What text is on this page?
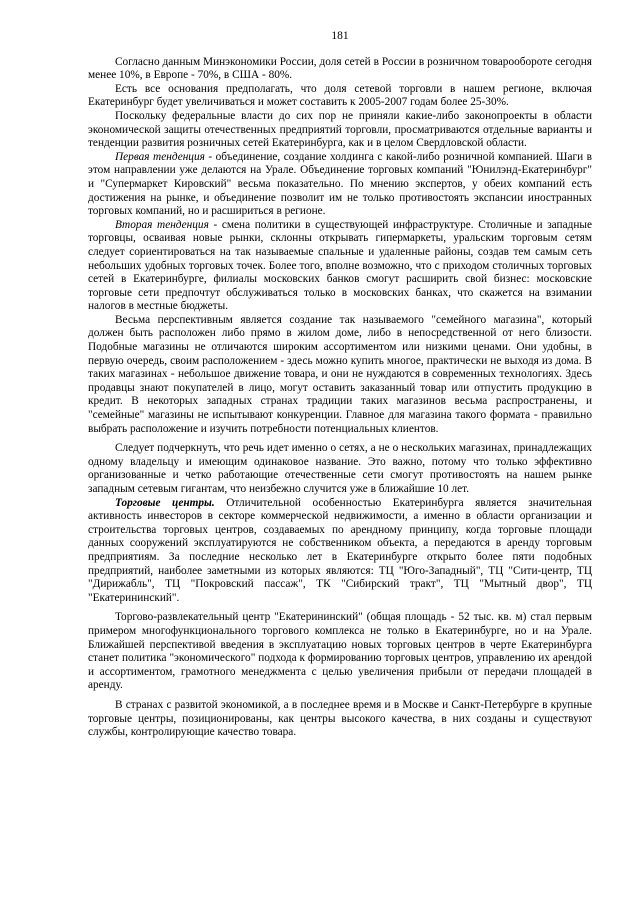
181

Согласно данным Минэкономики России, доля сетей в России в розничном товарообороте сегодня менее 10%, в Европе - 70%, в США - 80%.

Есть все основания предполагать, что доля сетевой торговли в нашем регионе, включая Екатеринбург будет увеличиваться и может составить к 2005-2007 годам более 25-30%.

Поскольку федеральные власти до сих пор не приняли какие-либо законопроекты в области экономической защиты отечественных предприятий торговли, просматриваются отдельные варианты и тенденции развития розничных сетей Екатеринбурга, как и в целом Свердловской области.

Первая тенденция - объединение, создание холдинга с какой-либо розничной компанией. Шаги в этом направлении уже делаются на Урале. Объединение торговых компаний "Юнилэнд-Екатеринбург" и "Супермаркет Кировский" весьма показательно. По мнению экспертов, у обеих компаний есть достижения на рынке, и объединение позволит им не только противостоять экспансии иностранных торговых компаний, но и расшириться в регионе.

Вторая тенденция - смена политики в существующей инфраструктуре. Столичные и западные торговцы, осваивая новые рынки, склонны открывать гипермаркеты, уральским торговым сетям следует сориентироваться на так называемые спальные и удаленные районы, создав тем самым сеть небольших удобных торговых точек. Более того, вполне возможно, что с приходом столичных торговых сетей в Екатеринбурге, филиалы московских банков смогут расширить свой бизнес: московские торговые сети предпочтут обслуживаться только в московских банках, что скажется на взимании налогов в местные бюджеты.

Весьма перспективным является создание так называемого "семейного магазина", который должен быть расположен либо прямо в жилом доме, либо в непосредственной от него близости. Подобные магазины не отличаются широким ассортиментом или низкими ценами. Они удобны, в первую очередь, своим расположением - здесь можно купить многое, практически не выходя из дома. В таких магазинах - небольшое движение товара, и они не нуждаются в современных технологиях. Здесь продавцы знают покупателей в лицо, могут оставить заказанный товар или отпустить продукцию в кредит. В некоторых западных странах традиции таких магазинов весьма распространены, и "семейные" магазины не испытывают конкуренции. Главное для магазина такого формата - правильно выбрать расположение и изучить потребности потенциальных клиентов.

Следует подчеркнуть, что речь идет именно о сетях, а не о нескольких магазинах, принадлежащих одному владельцу и имеющим одинаковое название. Это важно, потому что только эффективно организованные и четко работающие отечественные сети смогут противостоять на нашем рынке западным сетевым гигантам, что неизбежно случится уже в ближайшие 10 лет.

Торговые центры. Отличительной особенностью Екатеринбурга является значительная активность инвесторов в секторе коммерческой недвижимости, а именно в области организации и строительства торговых центров, создаваемых по арендному принципу, когда торговые площади данных сооружений эксплуатируются не собственником объекта, а передаются в аренду торговым предприятиям. За последние несколько лет в Екатеринбурге открыто более пяти подобных предприятий, наиболее заметными из которых являются: ТЦ "Юго-Западный", ТЦ "Сити-центр, ТЦ "Дирижабль", ТЦ "Покровский пассаж", ТК "Сибирский тракт", ТЦ "Мытный двор", ТЦ "Екатерининский".

Торгово-развлекательный центр "Екатерининский" (общая площадь - 52 тыс. кв. м) стал первым примером многофункционального торгового комплекса не только в Екатеринбурге, но и на Урале. Ближайшей перспективой введения в эксплуатацию новых торговых центров в черте Екатеринбурга станет политика "экономического" подхода к формированию торговых центров, управлению их арендой и ассортиментом, грамотного менеджмента с целью увеличения прибыли от передачи площадей в аренду.

В странах с развитой экономикой, а в последнее время и в Москве и Санкт-Петербурге в крупные торговые центры, позиционированы, как центры высокого качества, в них созданы и существуют службы, контролирующие качество товара.
